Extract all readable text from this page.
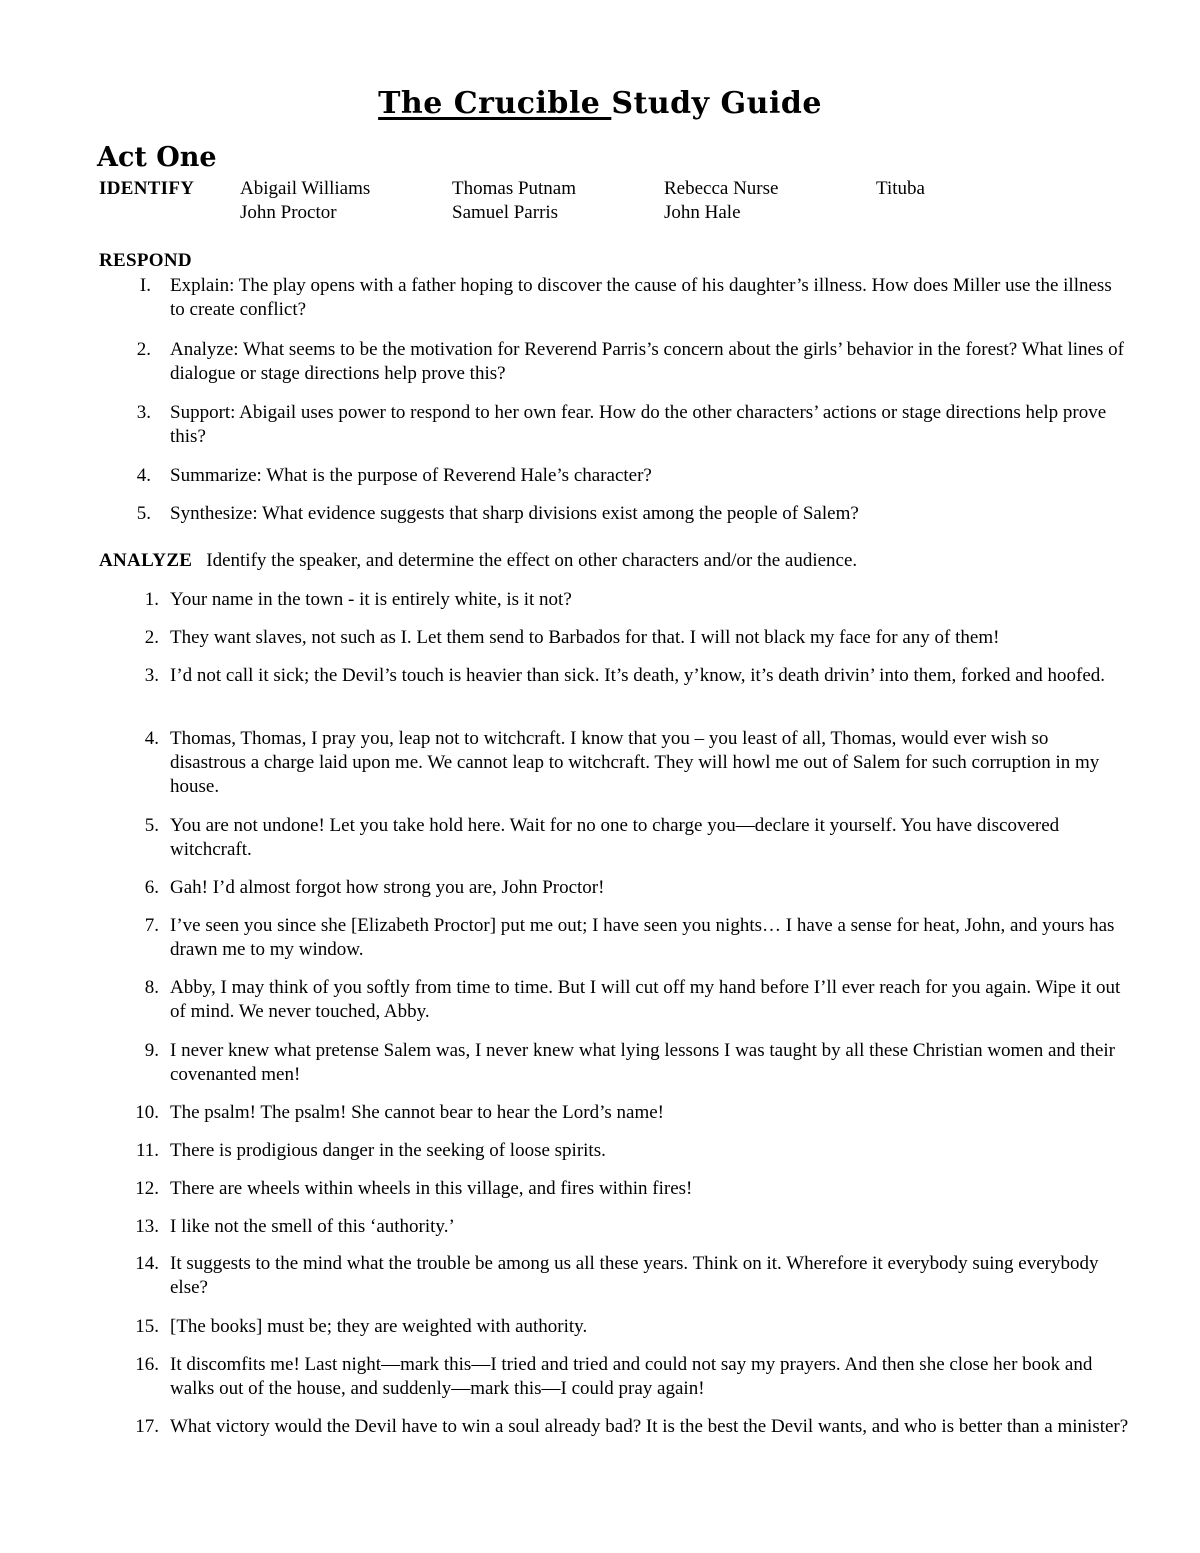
The Crucible Study Guide
Act One
IDENTIFY Abigail Williams	Thomas Putnam	Rebecca Nurse	Tituba
John Proctor	Samuel Parris	John Hale
RESPOND
I. Explain: The play opens with a father hoping to discover the cause of his daughter’s illness. How does Miller use the illness to create conflict?
2. Analyze: What seems to be the motivation for Reverend Parris’s concern about the girls’ behavior in the forest? What lines of dialogue or stage directions help prove this?
3. Support: Abigail uses power to respond to her own fear. How do the other characters’ actions or stage directions help prove this?
4. Summarize: What is the purpose of Reverend Hale’s character?
5. Synthesize: What evidence suggests that sharp divisions exist among the people of Salem?
ANALYZE Identify the speaker, and determine the effect on other characters and/or the audience.
1. Your name in the town - it is entirely white, is it not?
2. They want slaves, not such as I. Let them send to Barbados for that. I will not black my face for any of them!
3. I’d not call it sick; the Devil’s touch is heavier than sick. It’s death, y’know, it’s death drivin’ into them, forked and hoofed.
4. Thomas, Thomas, I pray you, leap not to witchcraft. I know that you – you least of all, Thomas, would ever wish so disastrous a charge laid upon me. We cannot leap to witchcraft. They will howl me out of Salem for such corruption in my house.
5. You are not undone! Let you take hold here. Wait for no one to charge you—declare it yourself. You have discovered witchcraft.
6. Gah! I’d almost forgot how strong you are, John Proctor!
7. I’ve seen you since she [Elizabeth Proctor] put me out; I have seen you nights… I have a sense for heat, John, and yours has drawn me to my window.
8. Abby, I may think of you softly from time to time. But I will cut off my hand before I’ll ever reach for you again. Wipe it out of mind. We never touched, Abby.
9. I never knew what pretense Salem was, I never knew what lying lessons I was taught by all these Christian women and their covenanted men!
10. The psalm! The psalm! She cannot bear to hear the Lord’s name!
11. There is prodigious danger in the seeking of loose spirits.
12. There are wheels within wheels in this village, and fires within fires!
13. I like not the smell of this ‘authority.’
14. It suggests to the mind what the trouble be among us all these years. Think on it. Wherefore it everybody suing everybody else?
15. [The books] must be; they are weighted with authority.
16. It discomfits me! Last night—mark this—I tried and tried and could not say my prayers. And then she close her book and walks out of the house, and suddenly—mark this—I could pray again!
17. What victory would the Devil have to win a soul already bad? It is the best the Devil wants, and who is better than a minister?
